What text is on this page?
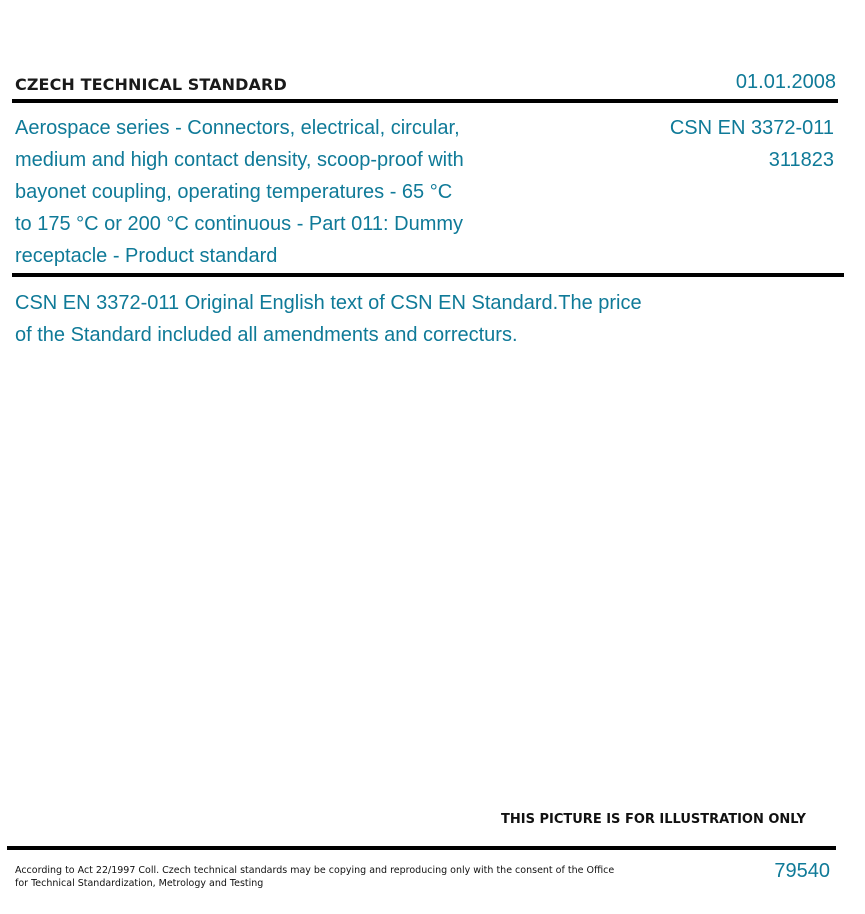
CZECH TECHNICAL STANDARD	01.01.2008
Aerospace series - Connectors, electrical, circular,
medium and high contact density, scoop-proof with
bayonet coupling, operating temperatures - 65 °C
to 175 °C or 200 °C continuous - Part 011: Dummy
receptacle - Product standard
CSN EN 3372-011
311823
CSN EN 3372-011 Original English text of CSN EN Standard.The price
of the Standard included all amendments and correcturs.
THIS PICTURE IS FOR ILLUSTRATION ONLY
According to Act 22/1997 Coll. Czech technical standards may be copying and reproducing only with the consent of the Office
for Technical Standardization, Metrology and Testing
79540
